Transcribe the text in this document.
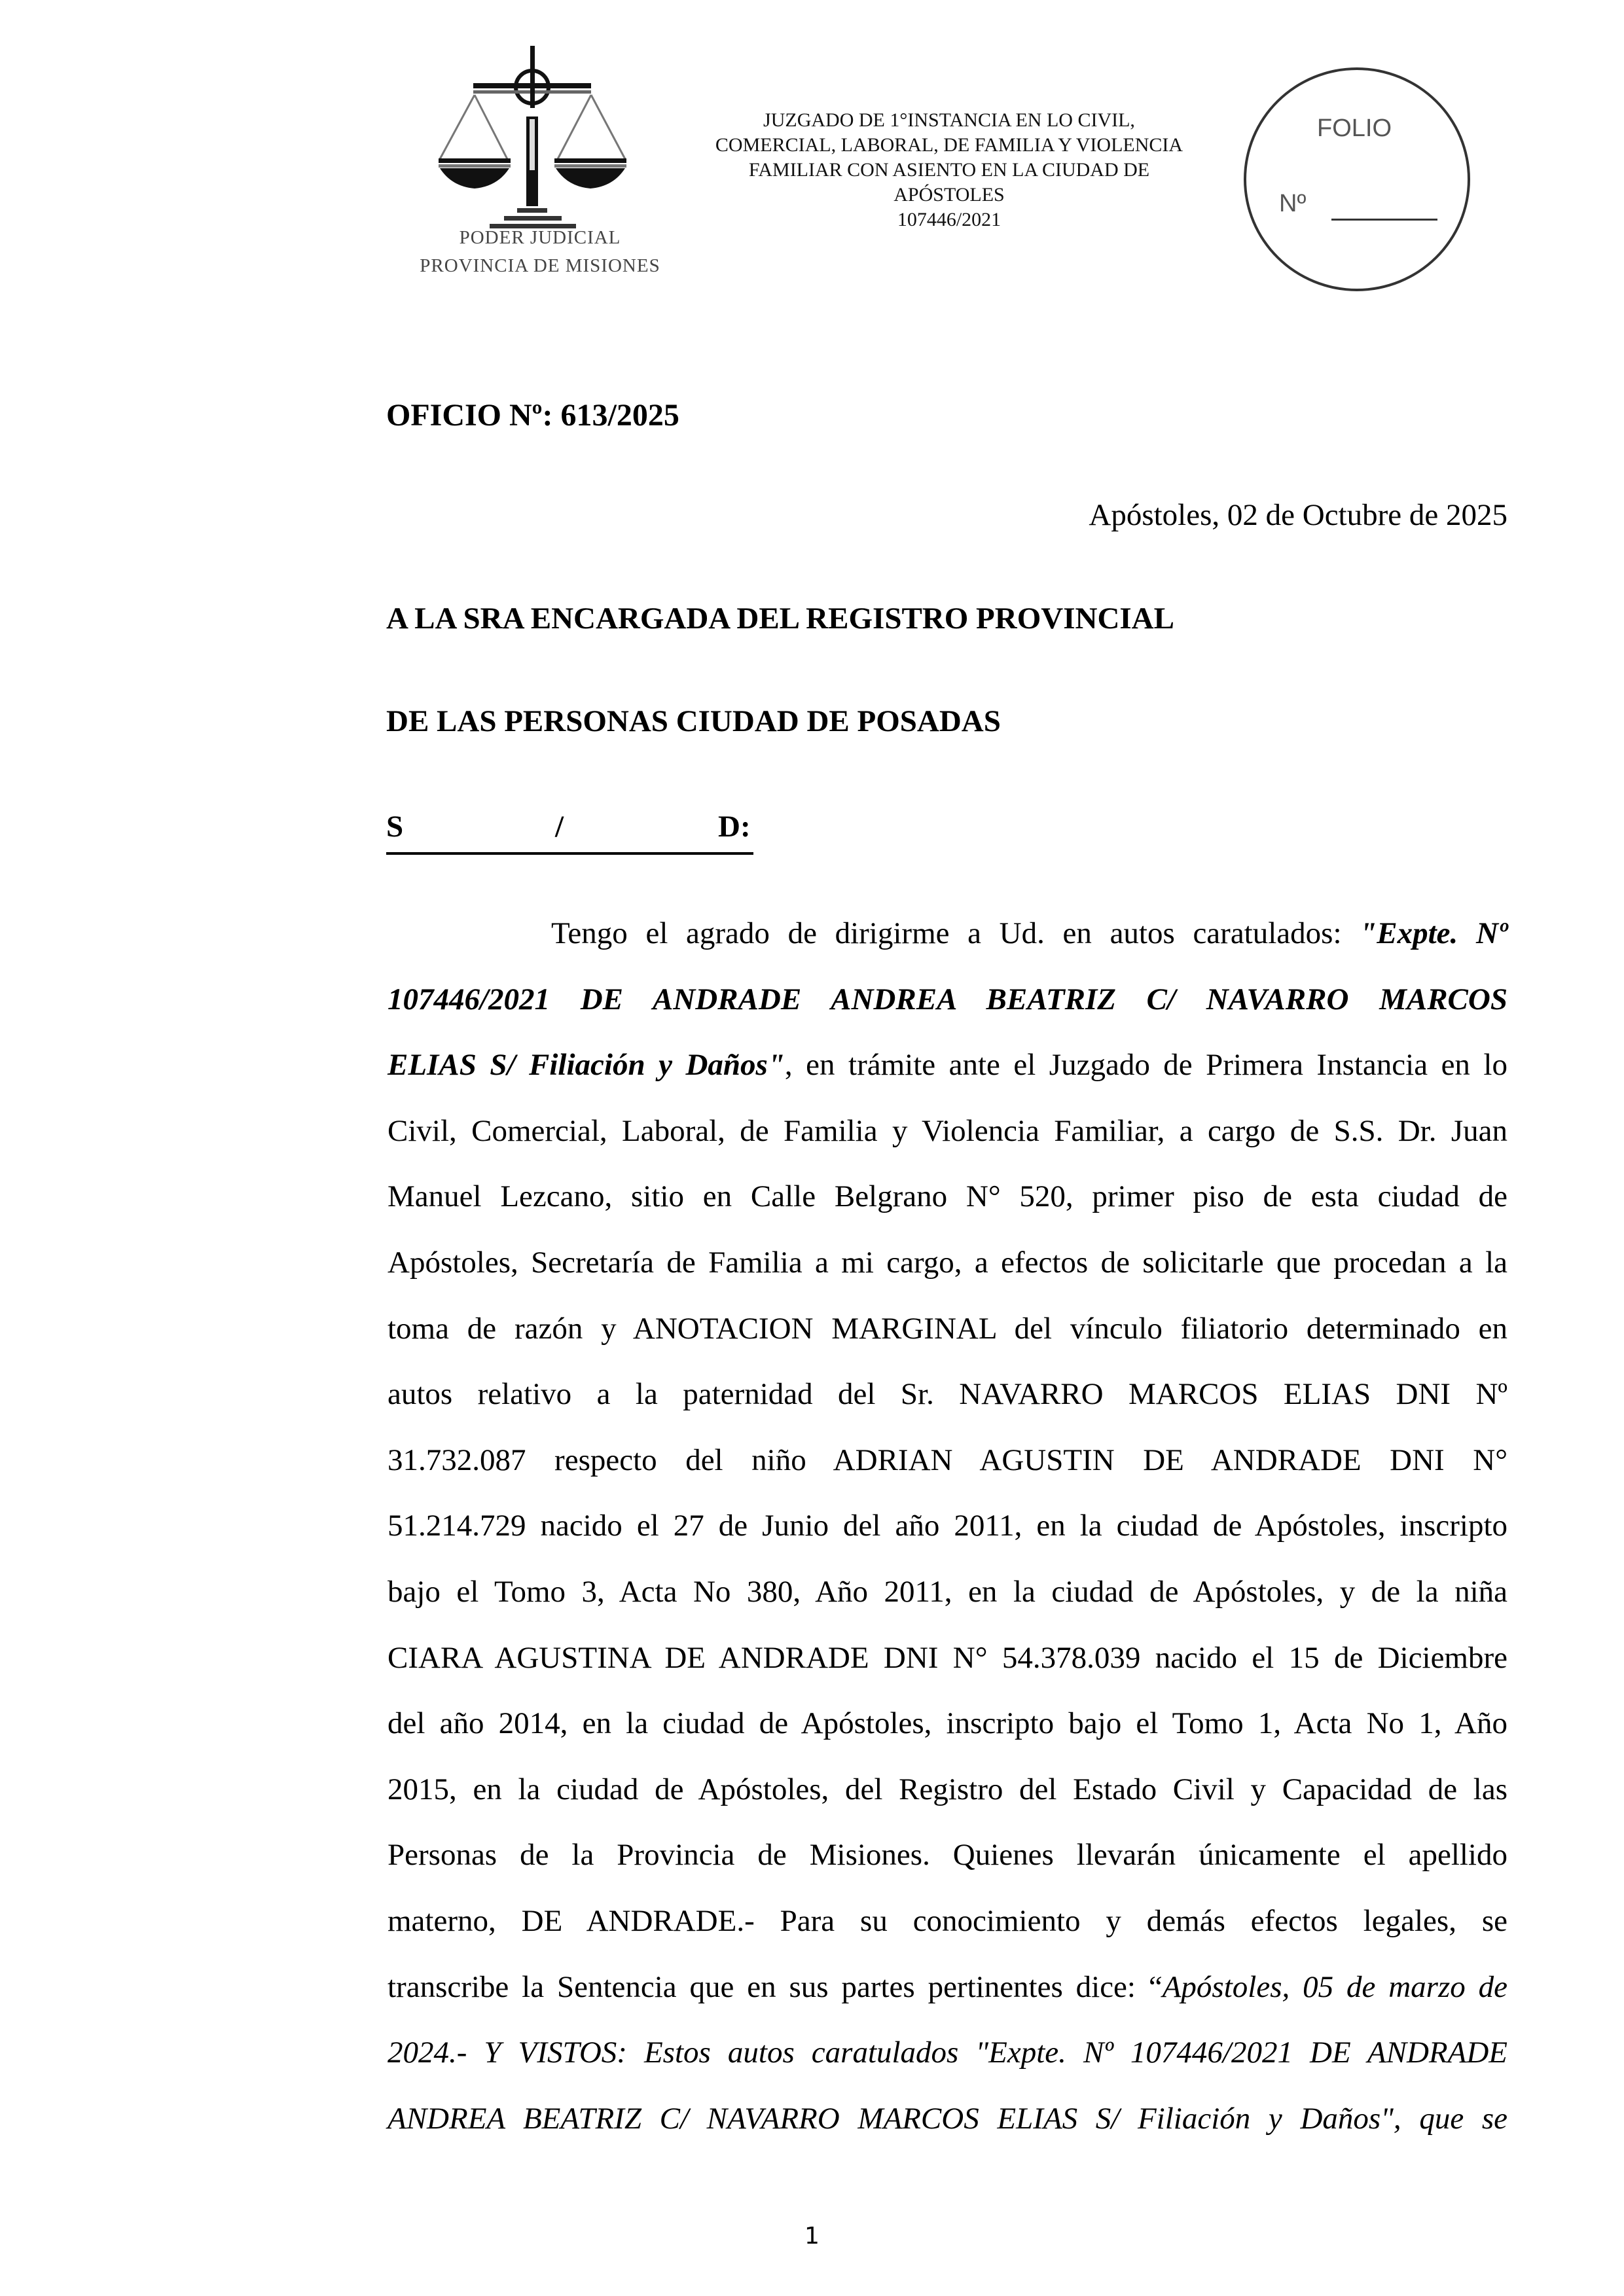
PODER JUDICIAL
PROVINCIA DE MISIONES
JUZGADO DE 1°INSTANCIA EN LO CIVIL,
COMERCIAL, LABORAL, DE FAMILIA Y VIOLENCIA
FAMILIAR CON ASIENTO EN LA CIUDAD DE
APÓSTOLES
107446/2021
FOLIO
Nº
OFICIO Nº: 613/2025
Apóstoles, 02 de Octubre de 2025
A LA SRA ENCARGADA DEL REGISTRO PROVINCIAL
DE LAS PERSONAS CIUDAD DE POSADAS
S	/	D:
Tengo el agrado de dirigirme a Ud. en autos caratulados: "Expte. Nº
107446/2021 DE ANDRADE ANDREA BEATRIZ C/ NAVARRO MARCOS
ELIAS S/ Filiación y Daños", en trámite ante el Juzgado de Primera Instancia en lo
Civil, Comercial, Laboral, de Familia y Violencia Familiar, a cargo de S.S. Dr. Juan
Manuel Lezcano, sitio en Calle Belgrano N° 520, primer piso de esta ciudad de
Apóstoles, Secretaría de Familia a mi cargo, a efectos de solicitarle que procedan a la
toma de razón y ANOTACION MARGINAL del vínculo filiatorio determinado en
autos relativo a la paternidad del Sr. NAVARRO MARCOS ELIAS DNI Nº
31.732.087 respecto del niño ADRIAN AGUSTIN DE ANDRADE DNI N°
51.214.729 nacido el 27 de Junio del año 2011, en la ciudad de Apóstoles, inscripto
bajo el Tomo 3, Acta No 380, Año 2011, en la ciudad de Apóstoles, y de la niña
CIARA AGUSTINA DE ANDRADE DNI N° 54.378.039 nacido el 15 de Diciembre
del año 2014, en la ciudad de Apóstoles, inscripto bajo el Tomo 1, Acta No 1, Año
2015, en la ciudad de Apóstoles, del Registro del Estado Civil y Capacidad de las
Personas de la Provincia de Misiones. Quienes llevarán únicamente el apellido
materno, DE ANDRADE.- Para su conocimiento y demás efectos legales, se
transcribe la Sentencia que en sus partes pertinentes dice: “Apóstoles, 05 de marzo de
2024.- Y VISTOS: Estos autos caratulados "Expte. Nº 107446/2021 DE ANDRADE
ANDREA BEATRIZ C/ NAVARRO MARCOS ELIAS S/ Filiación y Daños", que se
1
